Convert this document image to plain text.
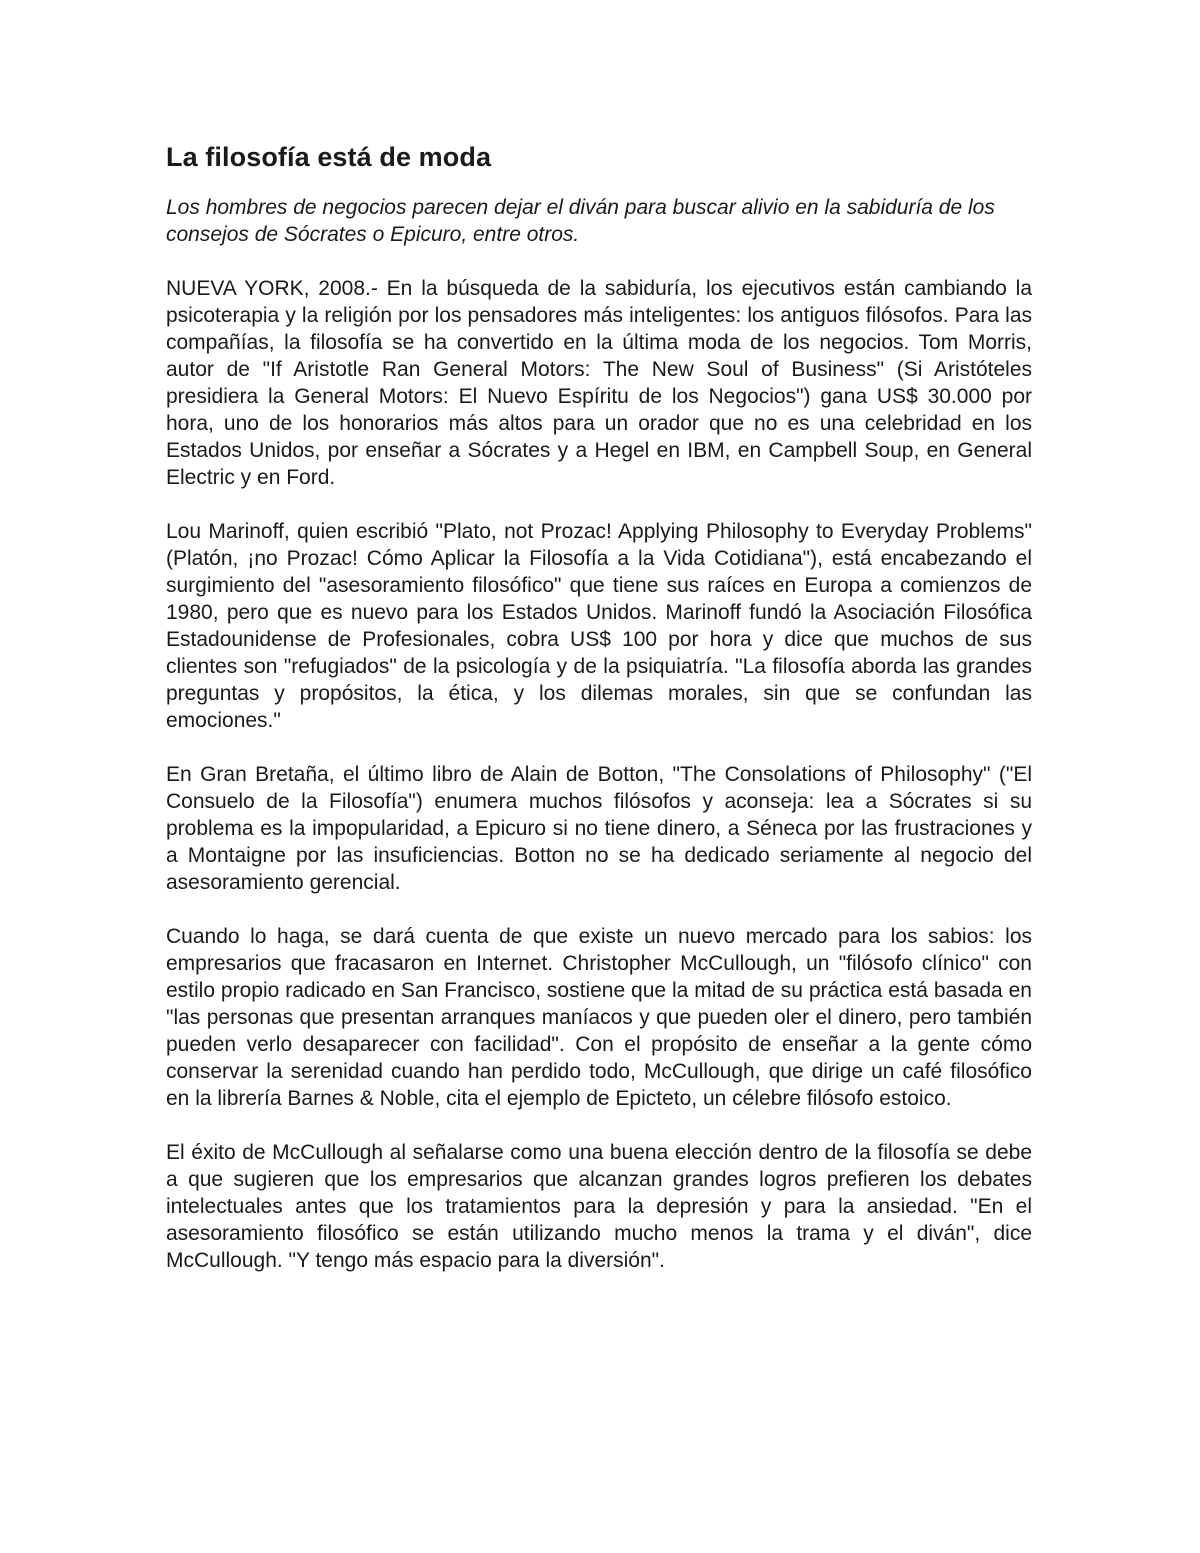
La filosofía está de moda

Los hombres de negocios parecen dejar el diván para buscar alivio en la sabiduría de los consejos de Sócrates o Epicuro, entre otros.

NUEVA YORK, 2008.- En la búsqueda de la sabiduría, los ejecutivos están cambiando la psicoterapia y la religión por los pensadores más inteligentes: los antiguos filósofos. Para las compañías, la filosofía se ha convertido en la última moda de los negocios. Tom Morris, autor de "If Aristotle Ran General Motors: The New Soul of Business" (Si Aristóteles presidiera la General Motors: El Nuevo Espíritu de los Negocios") gana US$ 30.000 por hora, uno de los honorarios más altos para un orador que no es una celebridad en los Estados Unidos, por enseñar a Sócrates y a Hegel en IBM, en Campbell Soup, en General Electric y en Ford.

Lou Marinoff, quien escribió "Plato, not Prozac! Applying Philosophy to Everyday Problems" (Platón, ¡no Prozac! Cómo Aplicar la Filosofía a la Vida Cotidiana"), está encabezando el surgimiento del "asesoramiento filosófico" que tiene sus raíces en Europa a comienzos de 1980, pero que es nuevo para los Estados Unidos. Marinoff fundó la Asociación Filosófica Estadounidense de Profesionales, cobra US$ 100 por hora y dice que muchos de sus clientes son "refugiados" de la psicología y de la psiquiatría. "La filosofía aborda las grandes preguntas y propósitos, la ética, y los dilemas morales, sin que se confundan las emociones."

En Gran Bretaña, el último libro de Alain de Botton, "The Consolations of Philosophy" ("El Consuelo de la Filosofía") enumera muchos filósofos y aconseja: lea a Sócrates si su problema es la impopularidad, a Epicuro si no tiene dinero, a Séneca por las frustraciones y a Montaigne por las insuficiencias. Botton no se ha dedicado seriamente al negocio del asesoramiento gerencial.

Cuando lo haga, se dará cuenta de que existe un nuevo mercado para los sabios: los empresarios que fracasaron en Internet. Christopher McCullough, un "filósofo clínico" con estilo propio radicado en San Francisco, sostiene que la mitad de su práctica está basada en "las personas que presentan arranques maníacos y que pueden oler el dinero, pero también pueden verlo desaparecer con facilidad". Con el propósito de enseñar a la gente cómo conservar la serenidad cuando han perdido todo, McCullough, que dirige un café filosófico en la librería Barnes & Noble, cita el ejemplo de Epicteto, un célebre filósofo estoico.

El éxito de McCullough al señalarse como una buena elección dentro de la filosofía se debe a que sugieren que los empresarios que alcanzan grandes logros prefieren los debates intelectuales antes que los tratamientos para la depresión y para la ansiedad. "En el asesoramiento filosófico se están utilizando mucho menos la trama y el diván", dice McCullough. "Y tengo más espacio para la diversión".
